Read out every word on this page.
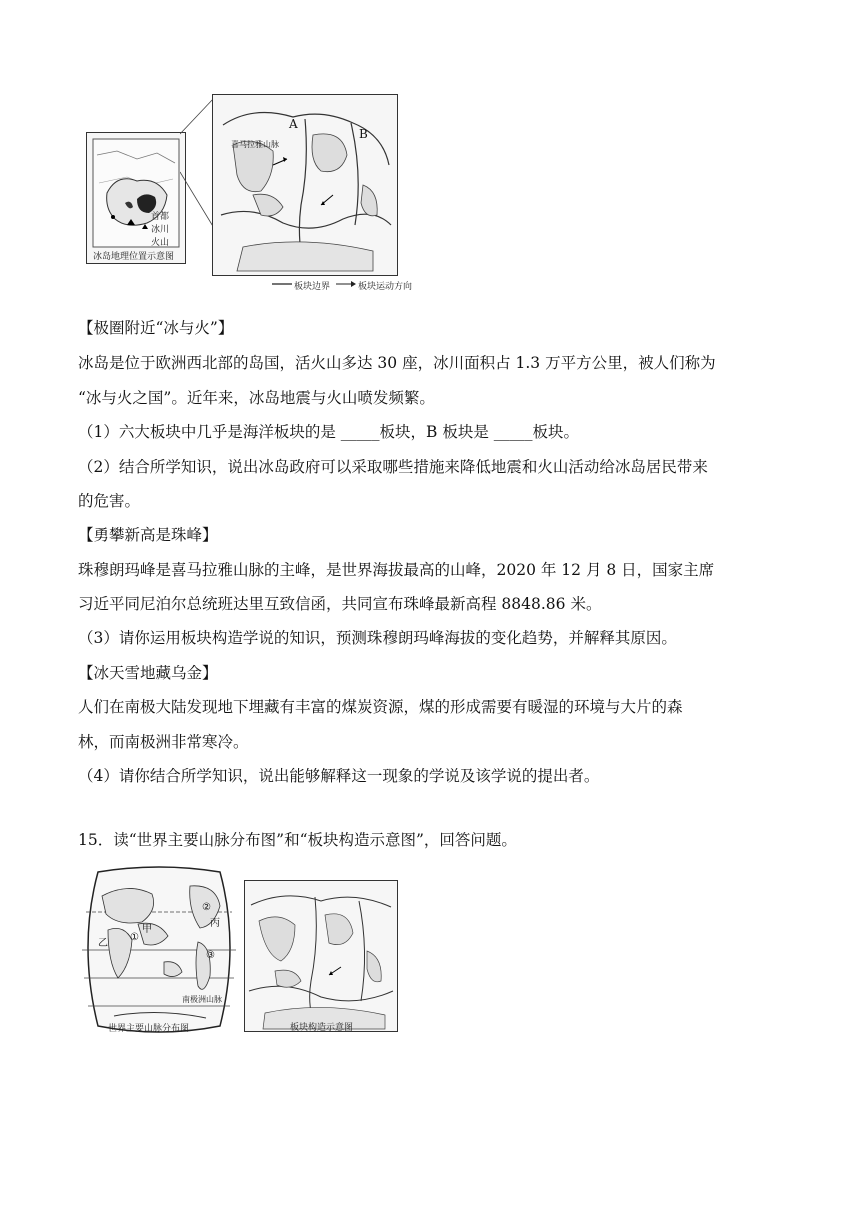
首都
冰川
火山
冰岛地理位置示意图
A
B
喜马拉雅山脉
板块边界	板块运动方向
【极圈附近“冰与火”】
冰岛是位于欧洲西北部的岛国，活火山多达 30 座，冰川面积占 1.3 万平方公里，被人们称为
“冰与火之国”。近年来，冰岛地震与火山喷发频繁。
（1）六大板块中几乎是海洋板块的是 _____板块，B 板块是 _____板块。
（2）结合所学知识，说出冰岛政府可以采取哪些措施来降低地震和火山活动给冰岛居民带来
的危害。
【勇攀新高是珠峰】
珠穆朗玛峰是喜马拉雅山脉的主峰，是世界海拔最高的山峰，2020 年 12 月 8 日，国家主席
习近平同尼泊尔总统班达里互致信函，共同宣布珠峰最新高程 8848.86 米。
（3）请你运用板块构造学说的知识，预测珠穆朗玛峰海拔的变化趋势，并解释其原因。
【冰天雪地藏乌金】
人们在南极大陆发现地下埋藏有丰富的煤炭资源，煤的形成需要有暖湿的环境与大片的森
林，而南极洲非常寒冷。
（4）请你结合所学知识，说出能够解释这一现象的学说及该学说的提出者。
15．读“世界主要山脉分布图”和“板块构造示意图”，回答问题。
甲
乙
丙
①
②
③
南极洲山脉
世界主要山脉分布图	板块构造示意图
